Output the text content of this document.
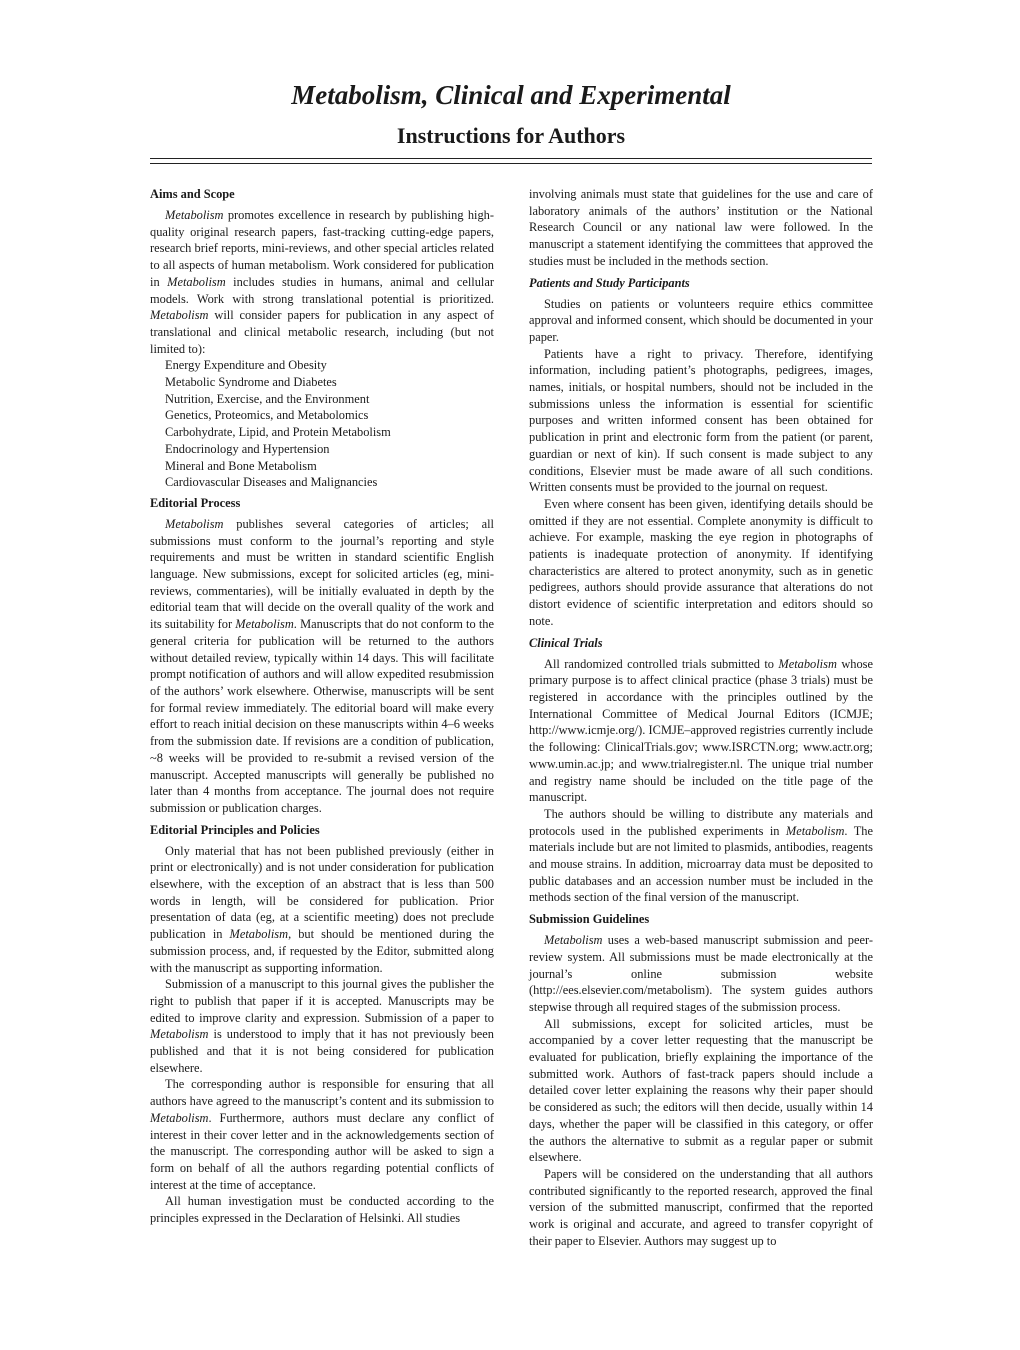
Metabolism, Clinical and Experimental
Instructions for Authors
Aims and Scope

Metabolism promotes excellence in research by publishing high-quality original research papers, fast-tracking cutting-edge papers, research brief reports, mini-reviews, and other special articles related to all aspects of human metabolism. Work considered for publication in Metabolism includes studies in humans, animal and cellular models. Work with strong translational potential is prioritized. Metabolism will consider papers for publication in any aspect of translational and clinical metabolic research, including (but not limited to):

Energy Expenditure and Obesity
Metabolic Syndrome and Diabetes
Nutrition, Exercise, and the Environment
Genetics, Proteomics, and Metabolomics
Carbohydrate, Lipid, and Protein Metabolism
Endocrinology and Hypertension
Mineral and Bone Metabolism
Cardiovascular Diseases and Malignancies
Editorial Process

Metabolism publishes several categories of articles; all submissions must conform to the journal’s reporting and style requirements and must be written in standard scientific English language. New submissions, except for solicited articles (eg, mini-reviews, commentaries), will be initially evaluated in depth by the editorial team that will decide on the overall quality of the work and its suitability for Metabolism. Manuscripts that do not conform to the general criteria for publication will be returned to the authors without detailed review, typically within 14 days. This will facilitate prompt notification of authors and will allow expedited resubmission of the authors’ work elsewhere. Otherwise, manuscripts will be sent for formal review immediately. The editorial board will make every effort to reach initial decision on these manuscripts within 4–6 weeks from the submission date. If revisions are a condition of publication, ~8 weeks will be provided to re-submit a revised version of the manuscript. Accepted manuscripts will generally be published no later than 4 months from acceptance. The journal does not require submission or publication charges.

Editorial Principles and Policies

Only material that has not been published previously (either in print or electronically) and is not under consideration for publication elsewhere, with the exception of an abstract that is less than 500 words in length, will be considered for publication. Prior presentation of data (eg, at a scientific meeting) does not preclude publication in Metabolism, but should be mentioned during the submission process, and, if requested by the Editor, submitted along with the manuscript as supporting information.

Submission of a manuscript to this journal gives the publisher the right to publish that paper if it is accepted. Manuscripts may be edited to improve clarity and expression. Submission of a paper to Metabolism is understood to imply that it has not previously been published and that it is not being considered for publication elsewhere.

The corresponding author is responsible for ensuring that all authors have agreed to the manuscript’s content and its submission to Metabolism. Furthermore, authors must declare any conflict of interest in their cover letter and in the acknowledgements section of the manuscript. The corresponding author will be asked to sign a form on behalf of all the authors regarding potential conflicts of interest at the time of acceptance.

All human investigation must be conducted according to the principles expressed in the Declaration of Helsinki. All studies

involving animals must state that guidelines for the use and care of laboratory animals of the authors’ institution or the National Research Council or any national law were followed. In the manuscript a statement identifying the committees that approved the studies must be included in the methods section.

Patients and Study Participants

Studies on patients or volunteers require ethics committee approval and informed consent, which should be documented in your paper.

Patients have a right to privacy. Therefore, identifying information, including patient’s photographs, pedigrees, images, names, initials, or hospital numbers, should not be included in the submissions unless the information is essential for scientific purposes and written informed consent has been obtained for publication in print and electronic form from the patient (or parent, guardian or next of kin). If such consent is made subject to any conditions, Elsevier must be made aware of all such conditions. Written consents must be provided to the journal on request.

Even where consent has been given, identifying details should be omitted if they are not essential. Complete anonymity is difficult to achieve. For example, masking the eye region in photographs of patients is inadequate protection of anonymity. If identifying characteristics are altered to protect anonymity, such as in genetic pedigrees, authors should provide assurance that alterations do not distort evidence of scientific interpretation and editors should so note.

Clinical Trials

All randomized controlled trials submitted to Metabolism whose primary purpose is to affect clinical practice (phase 3 trials) must be registered in accordance with the principles outlined by the International Committee of Medical Journal Editors (ICMJE; http://www.icmje.org/). ICMJE–approved registries currently include the following: ClinicalTrials.gov; www.ISRCTN.org; www.actr.org; www.umin.ac.jp; and www.trialregister.nl. The unique trial number and registry name should be included on the title page of the manuscript.

The authors should be willing to distribute any materials and protocols used in the published experiments in Metabolism. The materials include but are not limited to plasmids, antibodies, reagents and mouse strains. In addition, microarray data must be deposited to public databases and an accession number must be included in the methods section of the final version of the manuscript.

Submission Guidelines

Metabolism uses a web-based manuscript submission and peer-review system. All submissions must be made electronically at the journal’s online submission website (http://ees.elsevier.com/metabolism). The system guides authors stepwise through all required stages of the submission process.

All submissions, except for solicited articles, must be accompanied by a cover letter requesting that the manuscript be evaluated for publication, briefly explaining the importance of the submitted work. Authors of fast-track papers should include a detailed cover letter explaining the reasons why their paper should be considered as such; the editors will then decide, usually within 14 days, whether the paper will be classified in this category, or offer the authors the alternative to submit as a regular paper or submit elsewhere.

Papers will be considered on the understanding that all authors contributed significantly to the reported research, approved the final version of the submitted manuscript, confirmed that the reported work is original and accurate, and agreed to transfer copyright of their paper to Elsevier. Authors may suggest up to
